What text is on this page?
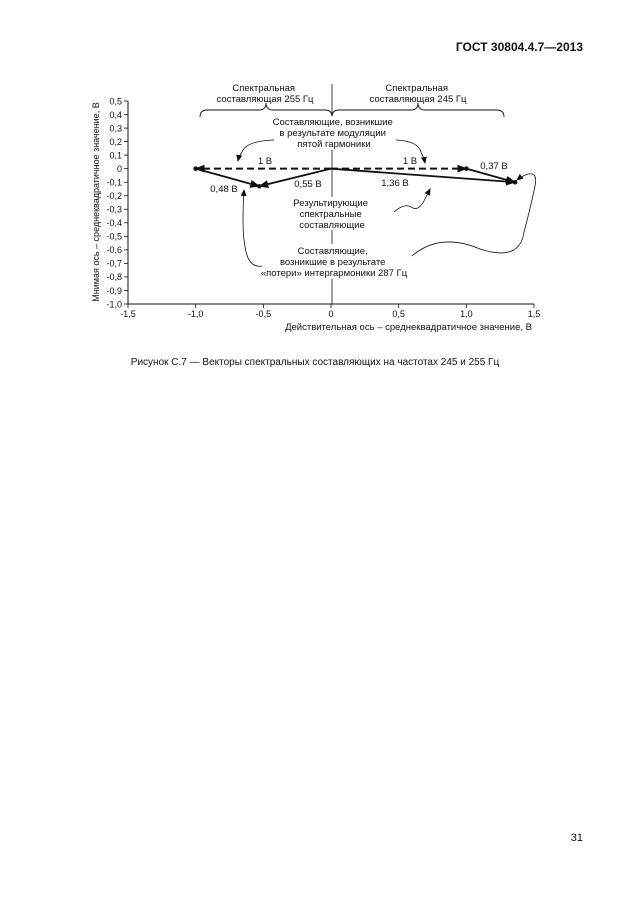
ГОСТ 30804.4.7—2013
0,5
0,4
0,3
0,2
0,1
0
-0,1
-0,2
-0,3
-0,4
-0,5
-0,6
-0,7
-0,8
-0,9
-1,0
-1,5	-1,0	-0,5	0	0,5	1,0	1,5
Действительная ось – среднеквадратичное значение, В
Мнимая ось – среднеквадратичное значение, В
Спектральная составляющая 255 Гц
Спектральная составляющая 245 Гц
Составляющие, возникшие в результате модуляции пятой гармоники
Результирующие спектральные составляющие
Составляющие, возникшие в результате «потери» интергармоники 287 Гц
1 В	1 В
0,48 В	0,55 В
0,37 В
1,36 В
Рисунок С.7 — Векторы спектральных составляющих на частотах 245 и 255 Гц
31
